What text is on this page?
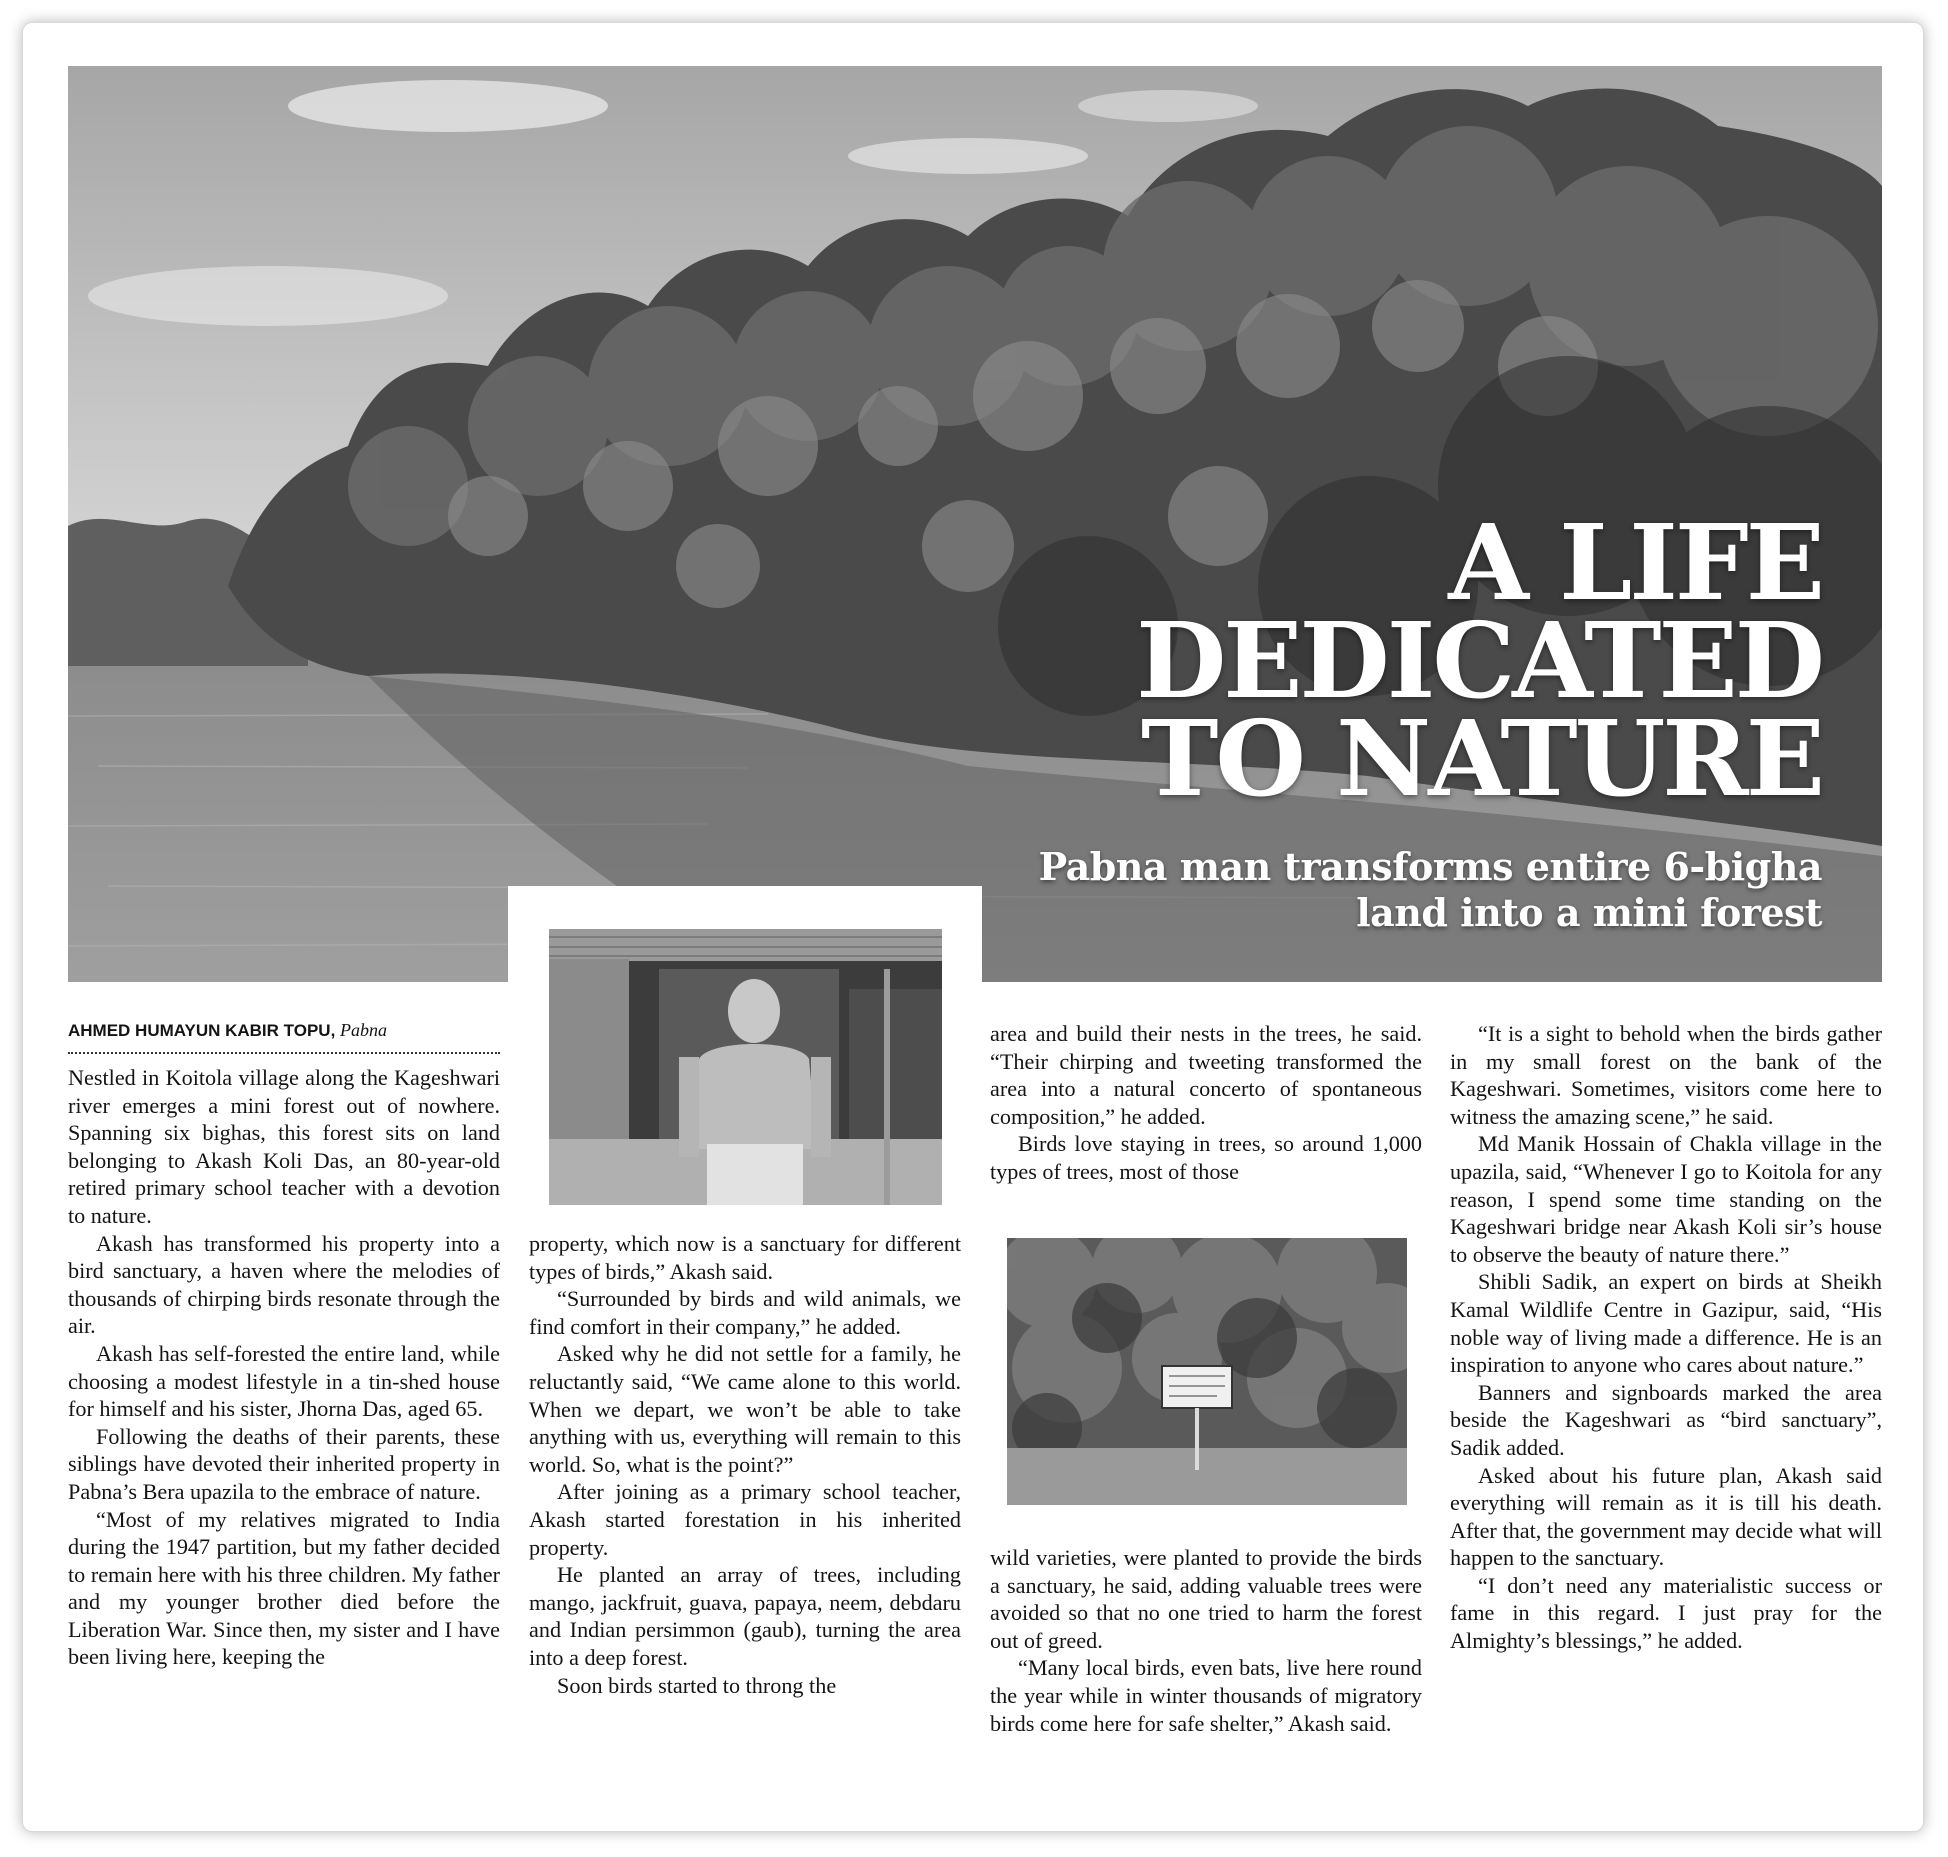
A LIFE
DEDICATED
TO NATURE
Pabna man transforms entire 6-bigha
land into a mini forest
AHMED HUMAYUN KABIR TOPU, Pabna

Nestled in Koitola village along the Kageshwari river emerges a mini forest out of nowhere. Spanning six bighas, this forest sits on land belonging to Akash Koli Das, an 80-year-old retired primary school teacher with a devotion to nature.

Akash has transformed his property into a bird sanctuary, a haven where the melodies of thousands of chirping birds resonate through the air.

Akash has self-forested the entire land, while choosing a modest lifestyle in a tin-shed house for himself and his sister, Jhorna Das, aged 65.

Following the deaths of their parents, these siblings have devoted their inherited property in Pabna’s Bera upazila to the embrace of nature.

“Most of my relatives migrated to India during the 1947 partition, but my father decided to remain here with his three children. My father and my younger brother died before the Liberation War. Since then, my sister and I have been living here, keeping the

property, which now is a sanctuary for different types of birds,” Akash said.

“Surrounded by birds and wild animals, we find comfort in their company,” he added.

Asked why he did not settle for a family, he reluctantly said, “We came alone to this world. When we depart, we won’t be able to take anything with us, everything will remain to this world. So, what is the point?”

After joining as a primary school teacher, Akash started forestation in his inherited property.

He planted an array of trees, including mango, jackfruit, guava, papaya, neem, debdaru and Indian persimmon (gaub), turning the area into a deep forest.

Soon birds started to throng the

area and build their nests in the trees, he said. “Their chirping and tweeting transformed the area into a natural concerto of spontaneous composition,” he added.

Birds love staying in trees, so around 1,000 types of trees, most of those

wild varieties, were planted to provide the birds a sanctuary, he said, adding valuable trees were avoided so that no one tried to harm the forest out of greed.

“Many local birds, even bats, live here round the year while in winter thousands of migratory birds come here for safe shelter,” Akash said.

“It is a sight to behold when the birds gather in my small forest on the bank of the Kageshwari. Sometimes, visitors come here to witness the amazing scene,” he said.

Md Manik Hossain of Chakla village in the upazila, said, “Whenever I go to Koitola for any reason, I spend some time standing on the Kageshwari bridge near Akash Koli sir’s house to observe the beauty of nature there.”

Shibli Sadik, an expert on birds at Sheikh Kamal Wildlife Centre in Gazipur, said, “His noble way of living made a difference. He is an inspiration to anyone who cares about nature.”

Banners and signboards marked the area beside the Kageshwari as “bird sanctuary”, Sadik added.

Asked about his future plan, Akash said everything will remain as it is till his death. After that, the government may decide what will happen to the sanctuary.

“I don’t need any materialistic success or fame in this regard. I just pray for the Almighty’s blessings,” he added.
